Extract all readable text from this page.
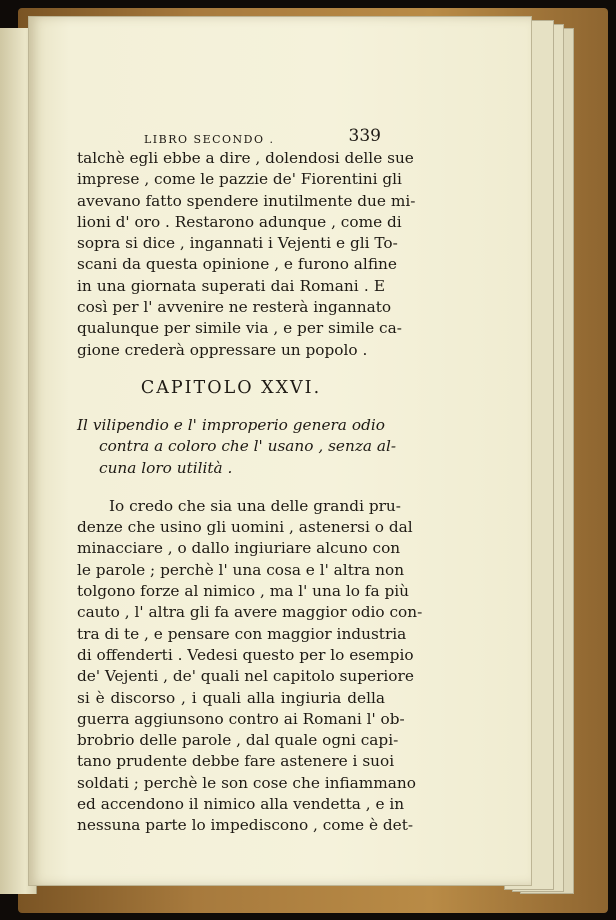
LIBRO SECONDO .	339
talchè egli ebbe a dire , dolendosi delle sue
imprese , come le pazzie de' Fiorentini gli
avevano fatto spendere inutilmente due mi-
lioni d' oro . Restarono adunque , come di
sopra si dice , ingannati i Vejenti e gli To-
scani da questa opinione , e furono alfine
in una giornata superati dai Romani . E
così per l' avvenire ne resterà ingannato
qualunque per simile via , e per simile ca-
gione crederà oppressare un popolo .
CAPITOLO XXVI.
Il vilipendio e l' improperio genera odio
contra a coloro che l' usano , senza al-
cuna loro utilità .
Io credo che sia una delle grandi pru-
denze che usino gli uomini , astenersi o dal
minacciare , o dallo ingiuriare alcuno con
le parole ; perchè l' una cosa e l' altra non
tolgono forze al nimico , ma l' una lo fa più
cauto , l' altra gli fa avere maggior odio con-
tra di te , e pensare con maggior industria
di offenderti . Vedesi questo per lo esempio
de' Vejenti , de' quali nel capitolo superiore
si è discorso , i quali alla ingiuria della
guerra aggiunsono contro ai Romani l' ob-
brobrio delle parole , dal quale ogni capi-
tano prudente debbe fare astenere i suoi
soldati ; perchè le son cose che infiammano
ed accendono il nimico alla vendetta , e in
nessuna parte lo impediscono , come è det-
